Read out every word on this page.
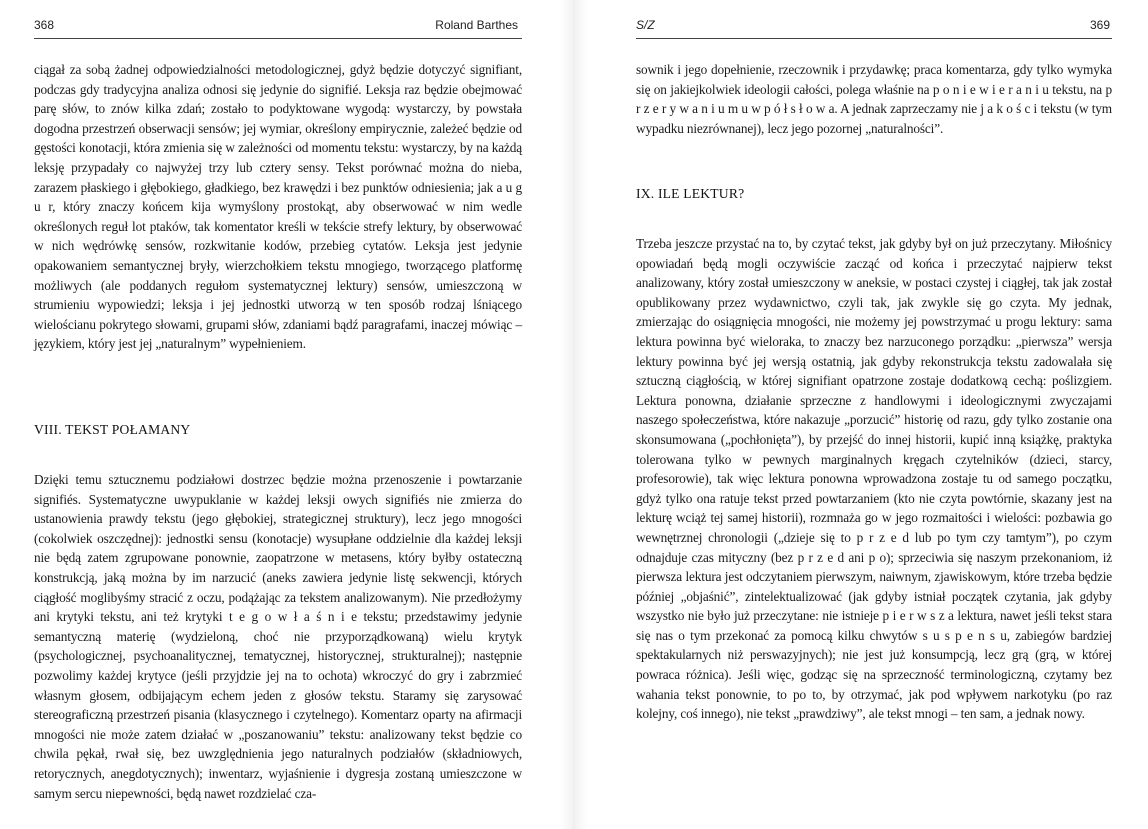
368	Roland Barthes

ciągał za sobą żadnej odpowiedzialności metodologicznej, gdyż będzie dotyczyć signifiant, podczas gdy tradycyjna analiza odnosi się jedynie do signifié. Leksja raz będzie obejmować parę słów, to znów kilka zdań; zostało to podyktowane wygodą: wystarczy, by powstała dogodna przestrzeń obserwacji sensów; jej wymiar, określony empirycznie, zależeć będzie od gęstości konotacji, która zmienia się w zależności od momentu tekstu: wystarczy, by na każdą leksję przypadały co najwyżej trzy lub cztery sensy. Tekst porównać można do nieba, zarazem płaskiego i głębokiego, gładkiego, bez krawędzi i bez punktów odniesienia; jak a u g u r, który znaczy końcem kija wymyślony prostokąt, aby obserwować w nim wedle określonych reguł lot ptaków, tak komentator kreśli w tekście strefy lektury, by obserwować w nich wędrówkę sensów, rozkwitanie kodów, przebieg cytatów. Leksja jest jedynie opakowaniem semantycznej bryły, wierzchołkiem tekstu mnogiego, tworzącego platformę możliwych (ale poddanych regułom systematycznej lektury) sensów, umieszczoną w strumieniu wypowiedzi; leksja i jej jednostki utworzą w ten sposób rodzaj lśniącego wielościanu pokrytego słowami, grupami słów, zdaniami bądź paragrafami, inaczej mówiąc – językiem, który jest jej „naturalnym” wypełnieniem.

VIII. TEKST POŁAMANY

Dzięki temu sztucznemu podziałowi dostrzec będzie można przenoszenie i powtarzanie signifiés. Systematyczne uwypuklanie w każdej leksji owych signifiés nie zmierza do ustanowienia prawdy tekstu (jego głębokiej, strategicznej struktury), lecz jego mnogości (cokolwiek oszczędnej): jednostki sensu (konotacje) wysupłane oddzielnie dla każdej leksji nie będą zatem zgrupowane ponownie, zaopatrzone w metasens, który byłby ostateczną konstrukcją, jaką można by im narzucić (aneks zawiera jedynie listę sekwencji, których ciągłość moglibyśmy stracić z oczu, podążając za tekstem analizowanym). Nie przedłożymy ani krytyki tekstu, ani też krytyki t e g o w ł a ś n i e tekstu; przedstawimy jedynie semantyczną materię (wydzieloną, choć nie przyporządkowaną) wielu krytyk (psychologicznej, psychoanalitycznej, tematycznej, historycznej, strukturalnej); następnie pozwolimy każdej krytyce (jeśli przyjdzie jej na to ochota) wkroczyć do gry i zabrzmieć własnym głosem, odbijającym echem jeden z głosów tekstu. Staramy się zarysować stereograficzną przestrzeń pisania (klasycznego i czytelnego). Komentarz oparty na afirmacji mnogości nie może zatem działać w „poszanowaniu” tekstu: analizowany tekst będzie co chwila pękał, rwał się, bez uwzględnienia jego naturalnych podziałów (składniowych, retorycznych, anegdotycznych); inwentarz, wyjaśnienie i dygresja zostaną umieszczone w samym sercu niepewności, będą nawet rozdzielać cza-

S/Z	369

sownik i jego dopełnienie, rzeczownik i przydawkę; praca komentarza, gdy tylko wymyka się on jakiejkolwiek ideologii całości, polega właśnie na p o n i e w i e r a n i u tekstu, na p r z e r y w a n i u m u w p ó ł s ł o w a. A jednak zaprzeczamy nie j a k o ś c i tekstu (w tym wypadku niezrównanej), lecz jego pozornej „naturalności”.

IX. ILE LEKTUR?

Trzeba jeszcze przystać na to, by czytać tekst, jak gdyby był on już przeczytany. Miłośnicy opowiadań będą mogli oczywiście zacząć od końca i przeczytać najpierw tekst analizowany, który został umieszczony w aneksie, w postaci czystej i ciągłej, tak jak został opublikowany przez wydawnictwo, czyli tak, jak zwykle się go czyta. My jednak, zmierzając do osiągnięcia mnogości, nie możemy jej powstrzymać u progu lektury: sama lektura powinna być wieloraka, to znaczy bez narzuconego porządku: „pierwsza” wersja lektury powinna być jej wersją ostatnią, jak gdyby rekonstrukcja tekstu zadowalała się sztuczną ciągłością, w której signifiant opatrzone zostaje dodatkową cechą: poślizgiem. Lektura ponowna, działanie sprzeczne z handlowymi i ideologicznymi zwyczajami naszego społeczeństwa, które nakazuje „porzucić” historię od razu, gdy tylko zostanie ona skonsumowana („pochłonięta”), by przejść do innej historii, kupić inną książkę, praktyka tolerowana tylko w pewnych marginalnych kręgach czytelników (dzieci, starcy, profesorowie), tak więc lektura ponowna wprowadzona zostaje tu od samego początku, gdyż tylko ona ratuje tekst przed powtarzaniem (kto nie czyta powtórnie, skazany jest na lekturę wciąż tej samej historii), rozmnaża go w jego rozmaitości i wielości: pozbawia go wewnętrznej chronologii („dzieje się to p r z e d lub po tym czy tamtym”), po czym odnajduje czas mityczny (bez p r z e d ani p o); sprzeciwia się naszym przekonaniom, iż pierwsza lektura jest odczytaniem pierwszym, naiwnym, zjawiskowym, które trzeba będzie później „objaśnić”, zintelektualizować (jak gdyby istniał początek czytania, jak gdyby wszystko nie było już przeczytane: nie istnieje p i e r w s z a lektura, nawet jeśli tekst stara się nas o tym przekonać za pomocą kilku chwytów s u s p e n s u, zabiegów bardziej spektakularnych niż perswazyjnych); nie jest już konsumpcją, lecz grą (grą, w której powraca różnica). Jeśli więc, godząc się na sprzeczność terminologiczną, czytamy bez wahania tekst ponownie, to po to, by otrzymać, jak pod wpływem narkotyku (po raz kolejny, coś innego), nie tekst „prawdziwy”, ale tekst mnogi – ten sam, a jednak nowy.
